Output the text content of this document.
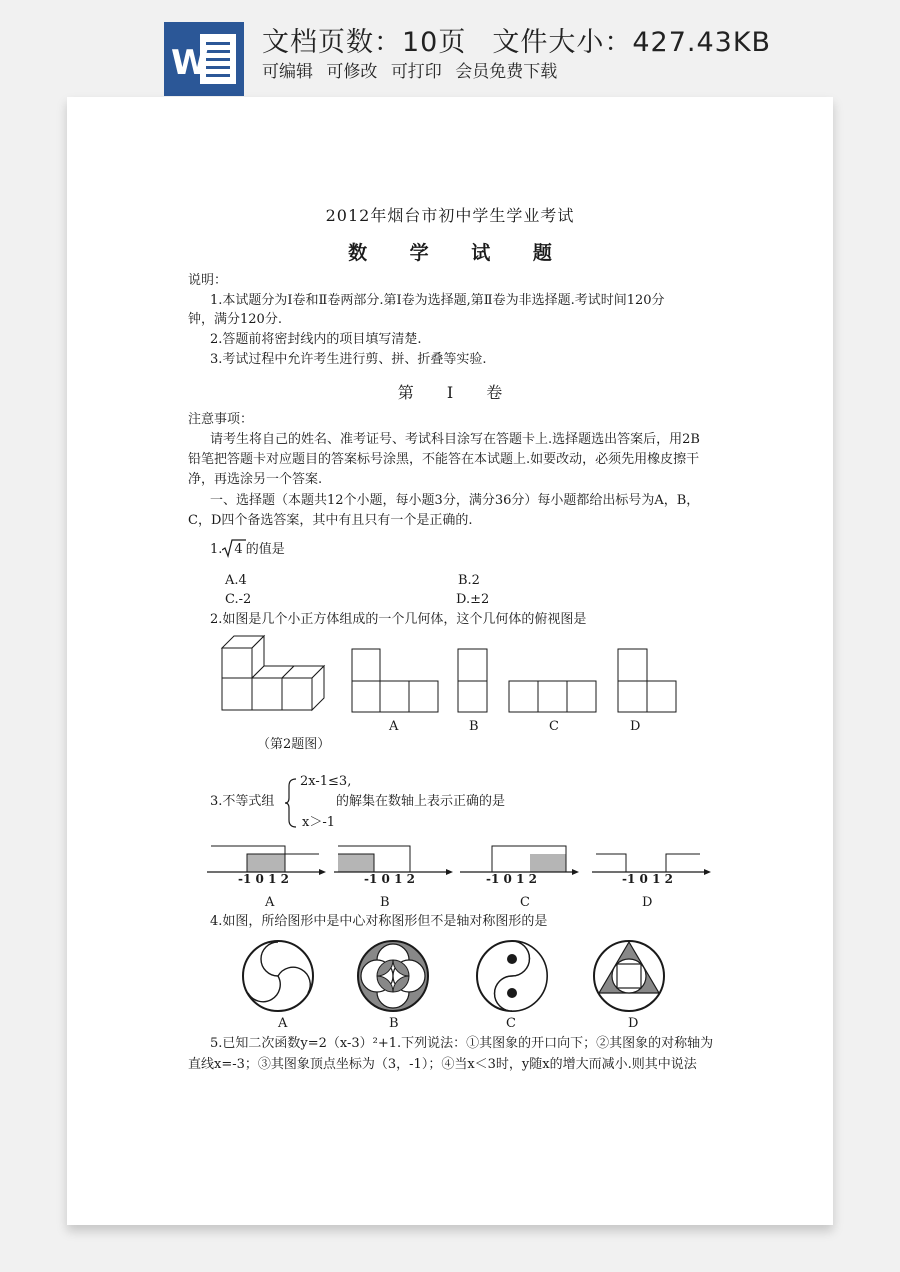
W
文档页数：10页 文件大小：427.43KB
可编辑 可修改 可打印 会员免费下载
2012年烟台市初中学生学业考试
数 学 试 题
说明：
1.本试题分为Ⅰ卷和Ⅱ卷两部分.第Ⅰ卷为选择题,第Ⅱ卷为非选择题.考试时间120分
钟，满分120分.
2.答题前将密封线内的项目填写清楚.
3.考试过程中允许考生进行剪、拼、折叠等实验.
第 Ⅰ 卷
注意事项：
请考生将自己的姓名、准考证号、考试科目涂写在答题卡上.选择题选出答案后，用2B
铅笔把答题卡对应题目的答案标号涂黑，不能答在本试题上.如要改动，必须先用橡皮擦干
净，再选涂另一个答案.
一、选择题（本题共12个小题，每小题3分，满分36分）每小题都给出标号为A，B，
C，D四个备选答案，其中有且只有一个是正确的.
1. 4 的值是
A.4	B.2
C.-2	D.±2
2.如图是几个小正方体组成的一个几何体，这个几何体的俯视图是
（第2题图）
A	B	C	D
3.不等式组
2x-1≤3,
的解集在数轴上表示正确的是
x＞-1
-1 0 1 2	-1 0 1 2	-1 0 1 2	-1 0 1 2
A	B	C	D
4.如图，所给图形中是中心对称图形但不是轴对称图形的是
A	B	C	D
5.已知二次函数y=2（x-3）²+1.下列说法：①其图象的开口向下；②其图象的对称轴为
直线x=-3；③其图象顶点坐标为（3，-1）；④当x＜3时，y随x的增大而减小.则其中说法
